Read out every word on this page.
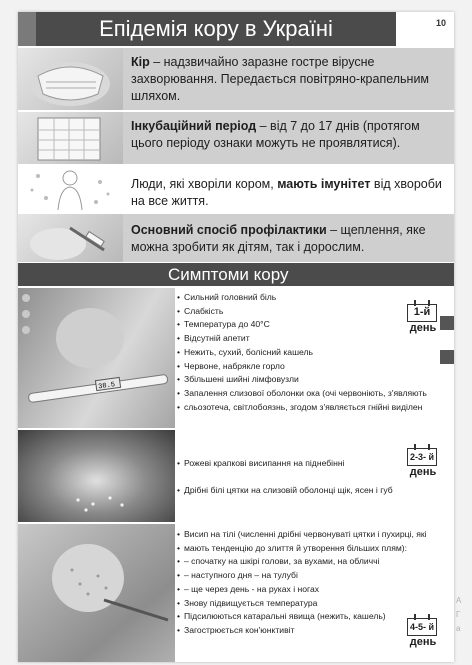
10
Епідемія кору в Україні
Кір – надзвичайно заразне гостре вірусне захворювання. Передається повітряно-крапельним шляхом.
Інкубаційний період – від 7 до 17 днів (протягом цього періоду ознаки можуть не проявлятися).
Люди, які хворіли кором, мають імунітет від хвороби на все життя.
Основний спосіб профілактики – щеплення, яке можна зробити як дітям, так і дорослим.
Симптоми кору
38.5
• Сильний головний біль
• Слабкість
• Температура до 40°С
• Відсутній апетит
• Нежить, сухий, болісний кашель
• Червоне, набрякле горло
• Збільшені шийні лімфовузли
• Запалення слизової оболонки ока (очі червоніють, з'являють
• сльозотеча, світлобоязнь, згодом з'являється гнійні виділен
1-й
день
• Рожеві крапкові висипання на піднебінні
• Дрібні білі цятки на слизовій оболонці щік, ясен і губ
2-3- й
день
• Висип на тілі (численні дрібні червонуваті цятки і пухирці, які
• мають тенденцію до злиття й утворення більших плям):
• – спочатку на шкірі голови, за вухами, на обличчі
• – наступного дня – на тулубі
• – ще через день - на руках і ногах
• Знову підвищується температура
• Підсилюються катаральні явища (нежить, кашель)
• Загострюється кон'юнктивіт	4-5- й
день
А
Г
а
